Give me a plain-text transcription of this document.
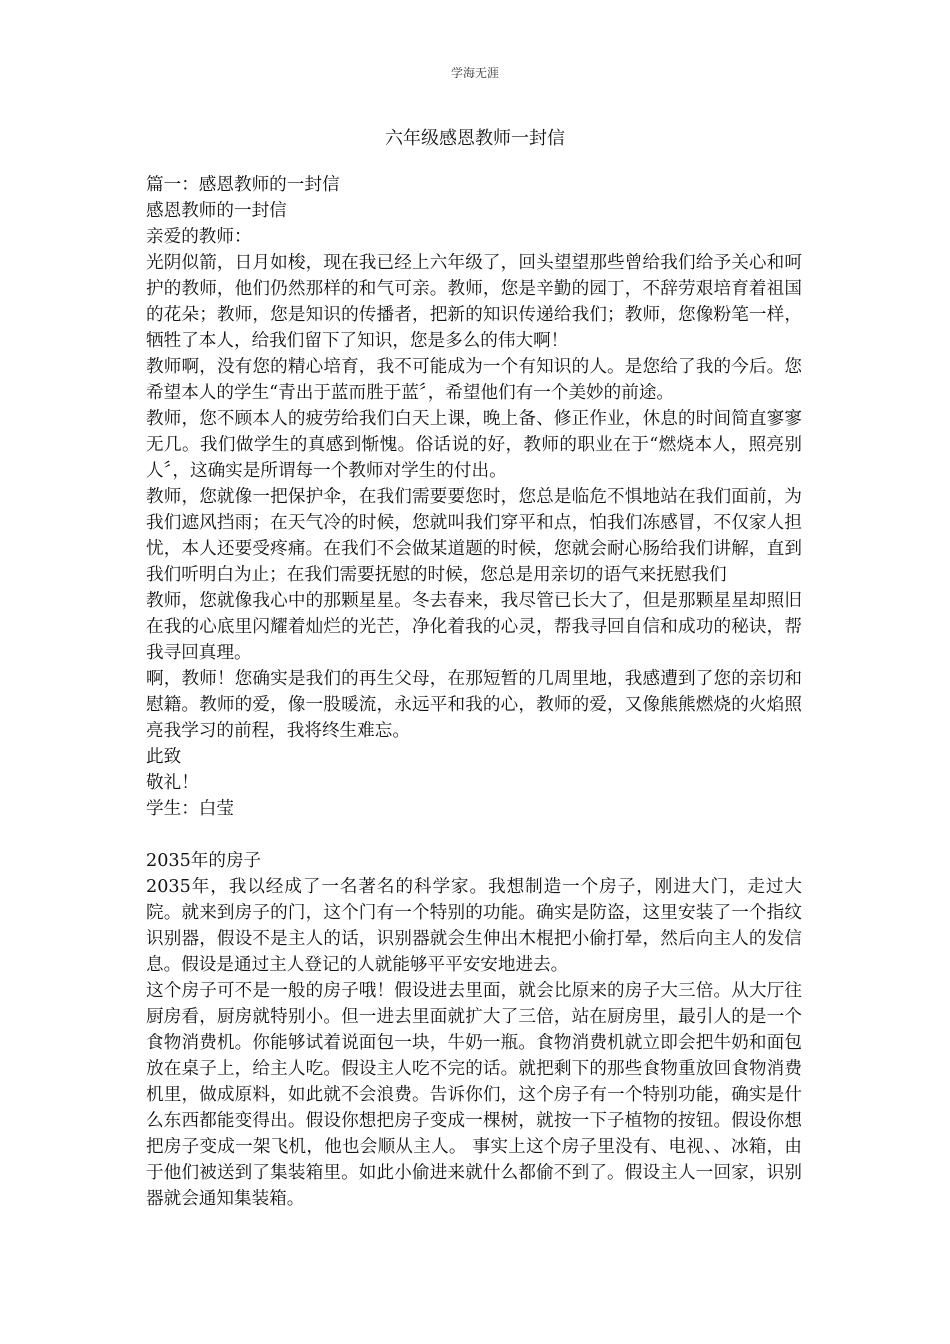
学海无涯
六年级感恩教师一封信

篇一：感恩教师的一封信

感恩教师的一封信

亲爱的教师：

光阴似箭，日月如梭，现在我已经上六年级了，回头望望那些曾给我们给予关心和呵护的教师，他们仍然那样的和气可亲。教师，您是辛勤的园丁，不辞劳艰培育着祖国的花朵；教师，您是知识的传播者，把新的知识传递给我们；教师，您像粉笔一样，牺牲了本人，给我们留下了知识，您是多么的伟大啊！

教师啊，没有您的精心培育，我不可能成为一个有知识的人。是您给了我的今后。您希望本人的学生“青出于蓝而胜于蓝〞，希望他们有一个美妙的前途。

教师，您不顾本人的疲劳给我们白天上课，晚上备、修正作业，休息的时间简直寥寥无几。我们做学生的真感到惭愧。俗话说的好，教师的职业在于“燃烧本人，照亮别人〞，这确实是所谓每一个教师对学生的付出。

教师，您就像一把保护伞，在我们需要要您时，您总是临危不惧地站在我们面前，为我们遮风挡雨；在天气冷的时候，您就叫我们穿平和点，怕我们冻感冒，不仅家人担忧，本人还要受疼痛。在我们不会做某道题的时候，您就会耐心肠给我们讲解，直到我们听明白为止；在我们需要抚慰的时候，您总是用亲切的语气来抚慰我们

教师，您就像我心中的那颗星星。冬去春来，我尽管已长大了，但是那颗星星却照旧在我的心底里闪耀着灿烂的光芒，净化着我的心灵，帮我寻回自信和成功的秘诀，帮我寻回真理。

啊，教师！您确实是我们的再生父母，在那短暂的几周里地，我感遭到了您的亲切和慰籍。教师的爱，像一股暖流，永远平和我的心，教师的爱，又像熊熊燃烧的火焰照亮我学习的前程，我将终生难忘。

此致

敬礼！

学生：白莹

2035年的房子

2035年，我以经成了一名著名的科学家。我想制造一个房子，刚进大门，走过大院。就来到房子的门，这个门有一个特别的功能。确实是防盗，这里安装了一个指纹识别器，假设不是主人的话，识别器就会生伸出木棍把小偷打晕，然后向主人的发信息。假设是通过主人登记的人就能够平平安安地进去。

这个房子可不是一般的房子哦！假设进去里面，就会比原来的房子大三倍。从大厅往厨房看，厨房就特别小。但一进去里面就扩大了三倍，站在厨房里，最引人的是一个食物消费机。你能够试着说面包一块，牛奶一瓶。食物消费机就立即会把牛奶和面包放在桌子上，给主人吃。假设主人吃不完的话。就把剩下的那些食物重放回食物消费机里，做成原料，如此就不会浪费。告诉你们，这个房子有一个特别功能，确实是什么东西都能变得出。假设你想把房子变成一棵树，就按一下子植物的按钮。假设你想把房子变成一架飞机，他也会顺从主人。 事实上这个房子里没有、电视、、冰箱，由于他们被送到了集装箱里。如此小偷进来就什么都偷不到了。假设主人一回家，识别器就会通知集装箱。
